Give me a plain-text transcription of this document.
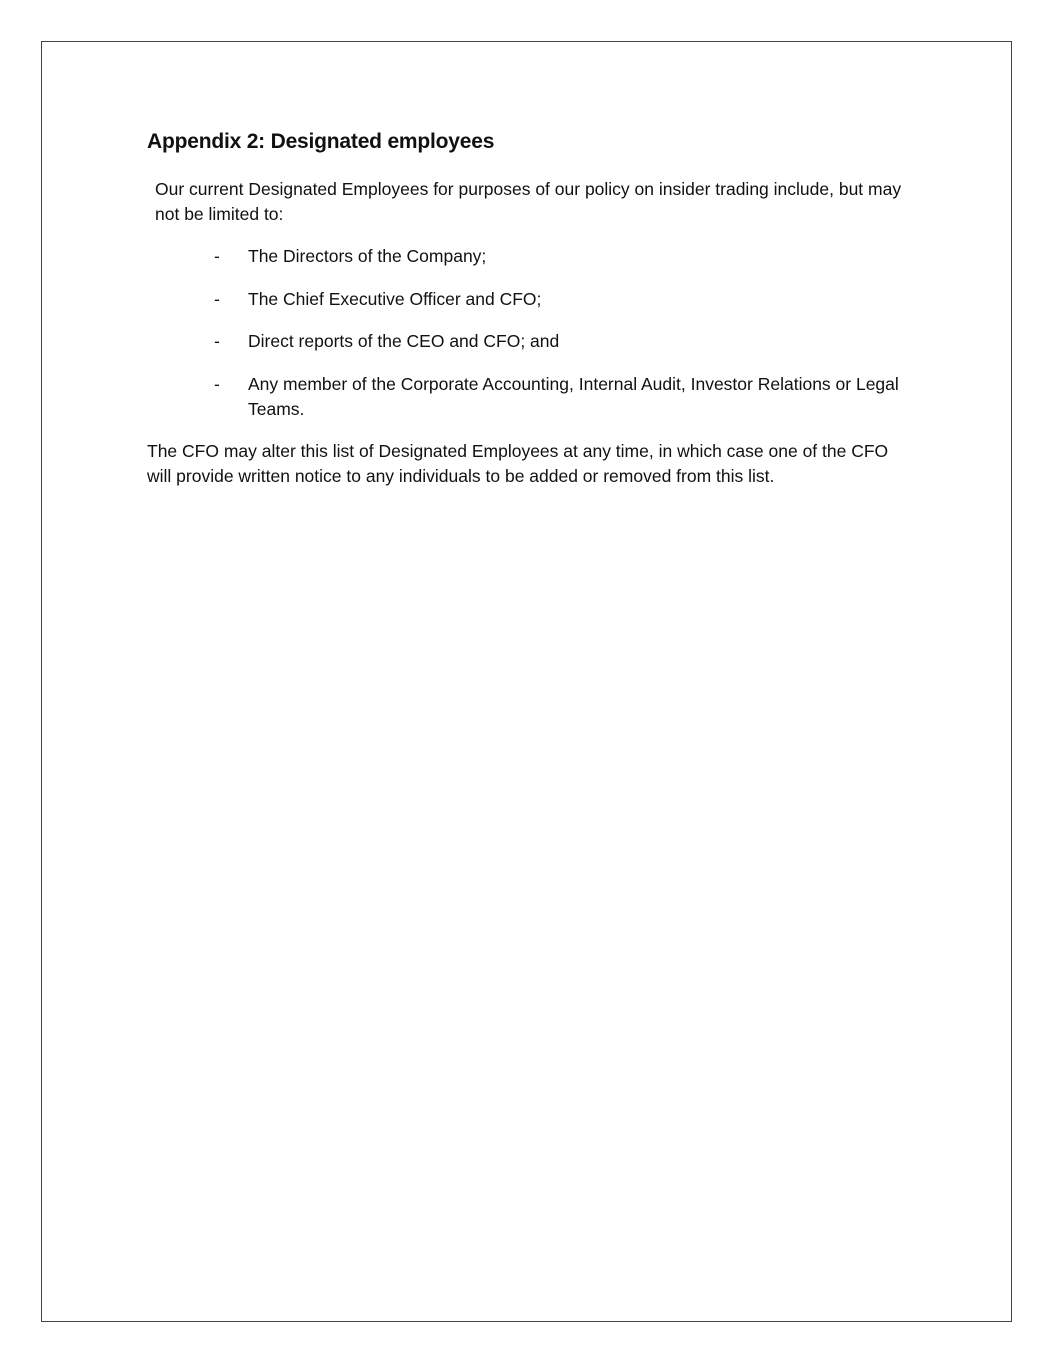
Appendix 2: Designated employees

Our current Designated Employees for purposes of our policy on insider trading include, but may not be limited to:

-	The Directors of the Company;
-	The Chief Executive Officer and CFO;
-	Direct reports of the CEO and CFO; and
-	Any member of the Corporate Accounting, Internal Audit, Investor Relations or Legal Teams.

The CFO may alter this list of Designated Employees at any time, in which case one of the CFO will provide written notice to any individuals to be added or removed from this list.
